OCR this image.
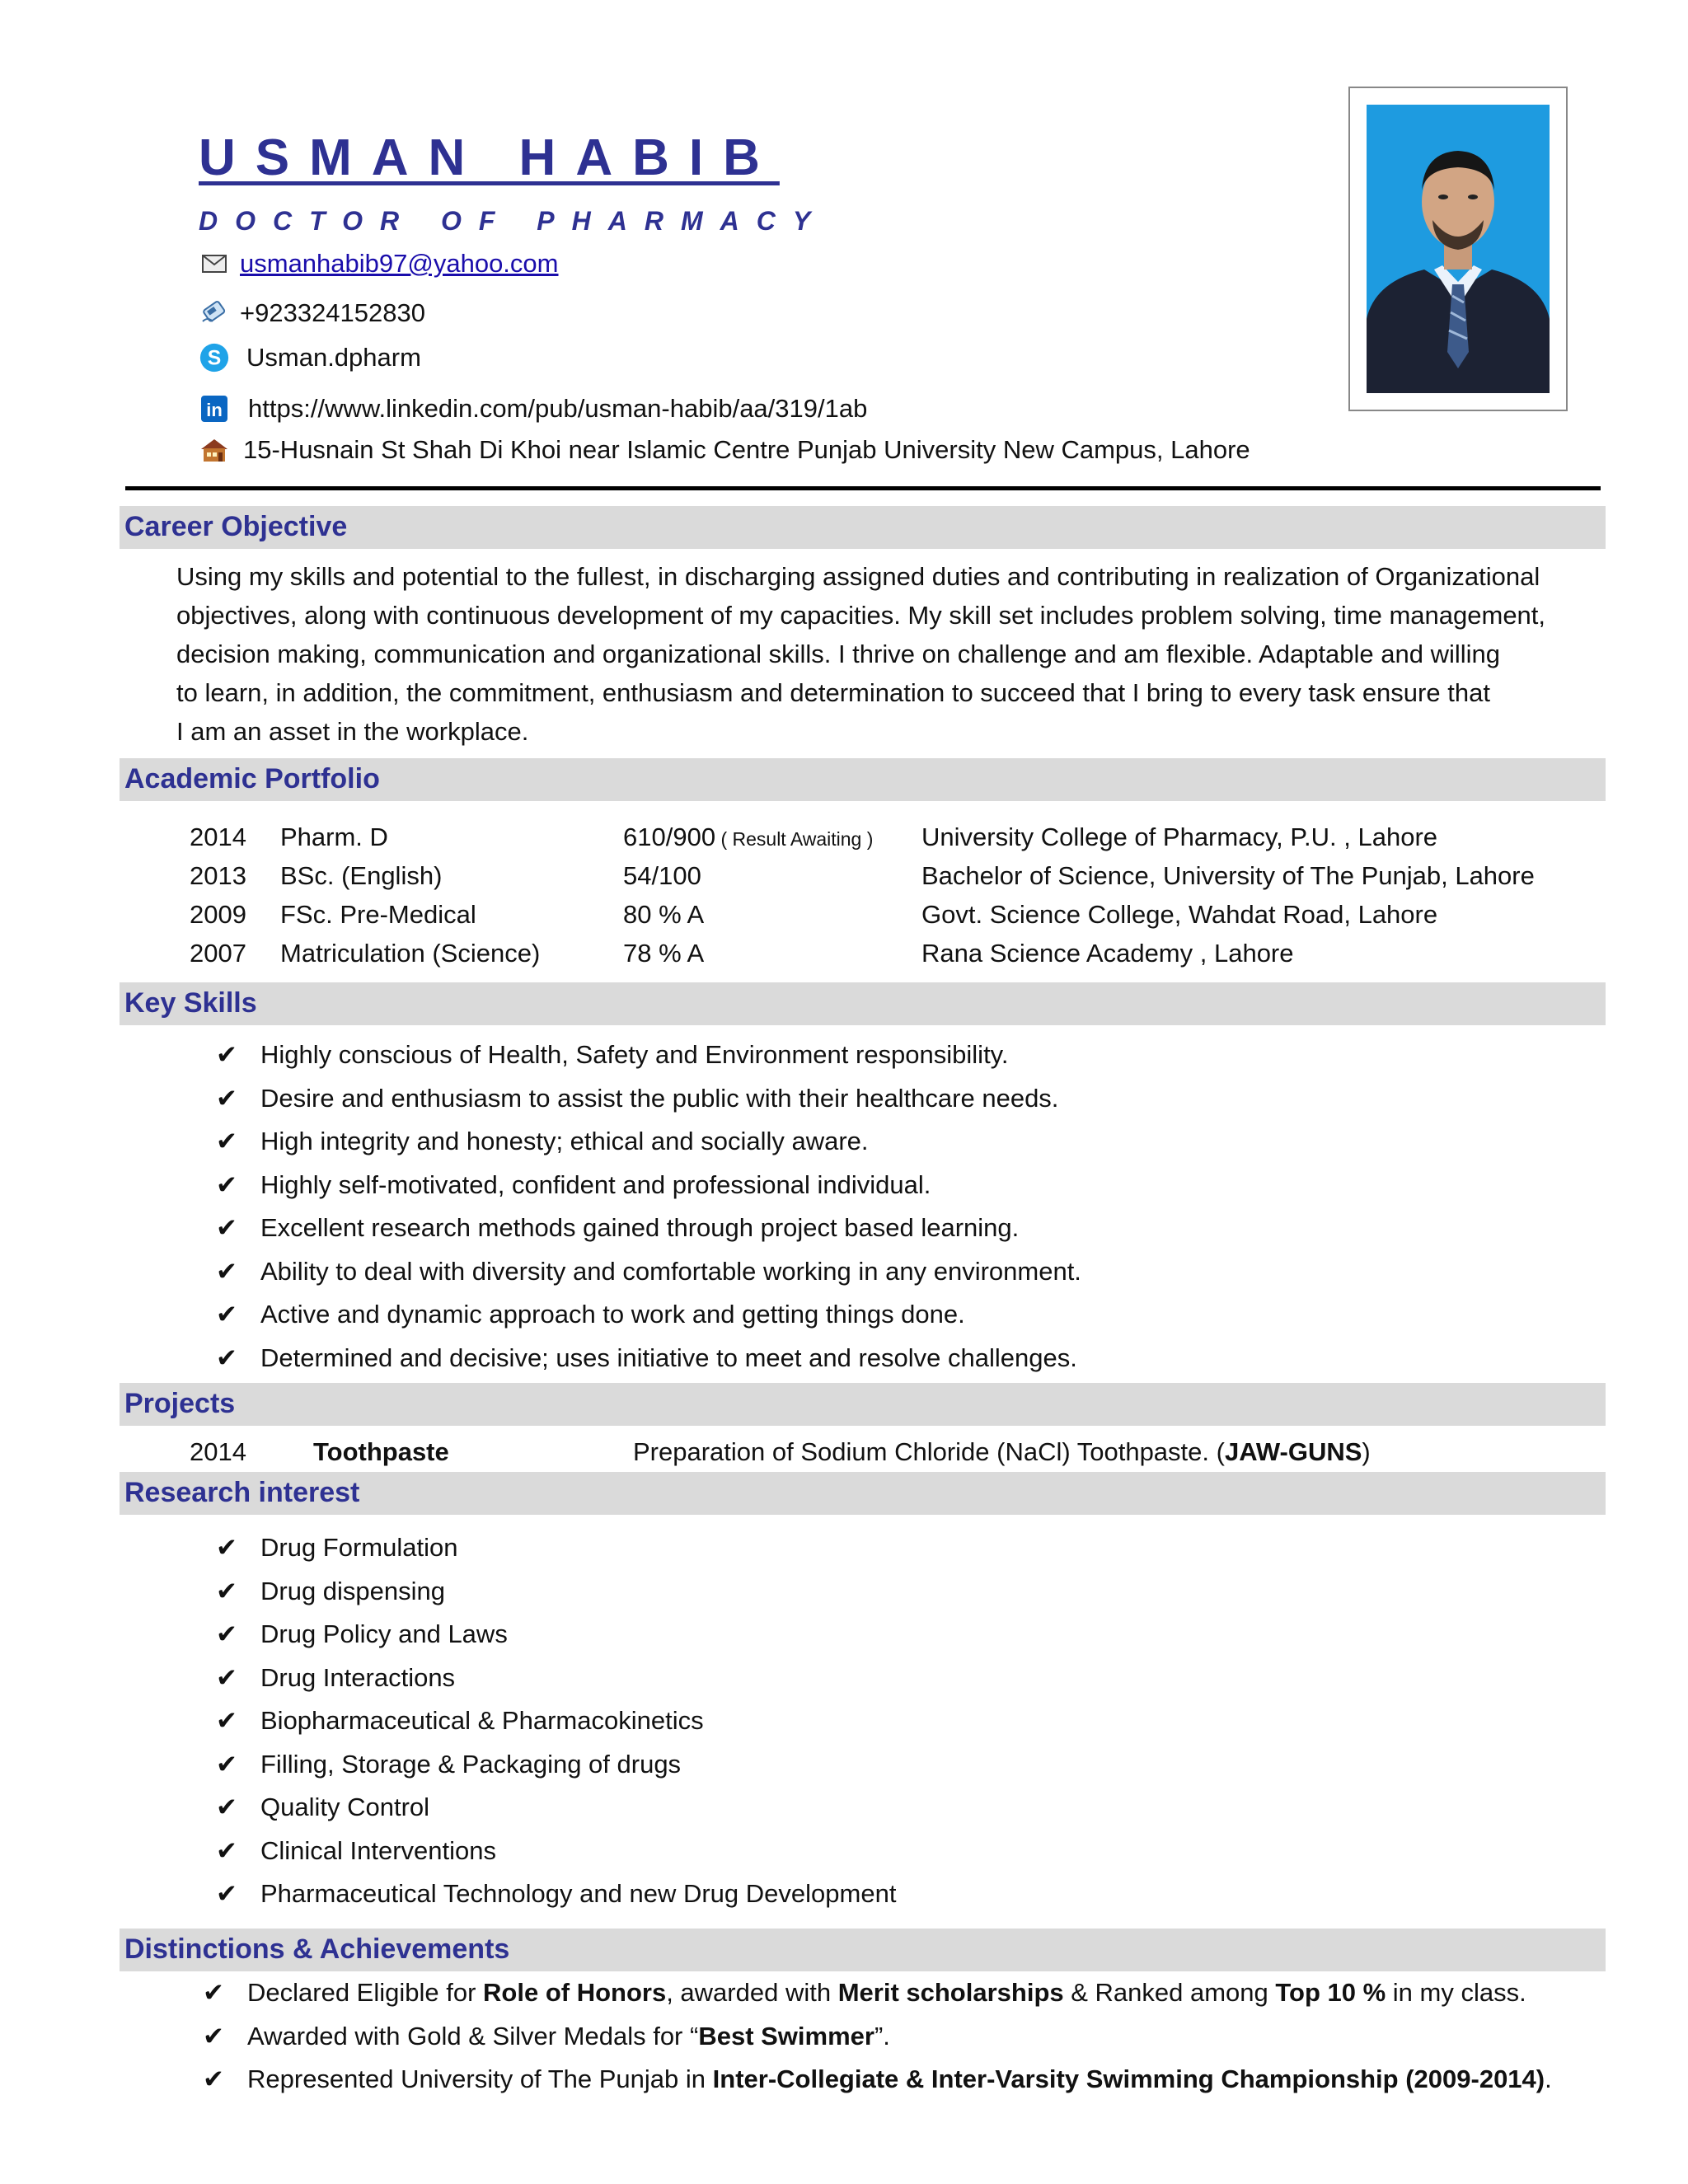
USMAN HABIB
DOCTOR OF PHARMACY
usmanhabib97@yahoo.com
+923324152830
S Usman.dpharm
in https://www.linkedin.com/pub/usman-habib/aa/319/1ab
15-Husnain St Shah Di Khoi near Islamic Centre Punjab University New Campus, Lahore
Career Objective
Using my skills and potential to the fullest, in discharging assigned duties and contributing in realization of Organizational
objectives, along with continuous development of my capacities. My skill set includes problem solving, time management,
decision making, communication and organizational skills. I thrive on challenge and am flexible. Adaptable and willing
to learn, in addition, the commitment, enthusiasm and determination to succeed that I bring to every task ensure that
I am an asset in the workplace.
Academic Portfolio
2014 Pharm. D	610/900 ( Result Awaiting ) University College of Pharmacy, P.U. , Lahore
2013 BSc. (English)	54/100	Bachelor of Science, University of The Punjab, Lahore
2009 FSc. Pre-Medical	80 % A	Govt. Science College, Wahdat Road, Lahore
2007 Matriculation (Science)	78 % A	Rana Science Academy , Lahore
Key Skills
✔ Highly conscious of Health, Safety and Environment responsibility.
✔ Desire and enthusiasm to assist the public with their healthcare needs.
✔ High integrity and honesty; ethical and socially aware.
✔ Highly self-motivated, confident and professional individual.
✔ Excellent research methods gained through project based learning.
✔ Ability to deal with diversity and comfortable working in any environment.
✔ Active and dynamic approach to work and getting things done.
✔ Determined and decisive; uses initiative to meet and resolve challenges.
Projects
2014	Toothpaste	Preparation of Sodium Chloride (NaCl) Toothpaste. (JAW-GUNS)
Research interest
✔ Drug Formulation
✔ Drug dispensing
✔ Drug Policy and Laws
✔ Drug Interactions
✔ Biopharmaceutical & Pharmacokinetics
✔ Filling, Storage & Packaging of drugs
✔ Quality Control
✔ Clinical Interventions
✔ Pharmaceutical Technology and new Drug Development
Distinctions & Achievements
✔ Declared Eligible for Role of Honors, awarded with Merit scholarships & Ranked among Top 10 % in my class.
✔ Awarded with Gold & Silver Medals for “Best Swimmer”.
✔ Represented University of The Punjab in Inter-Collegiate & Inter-Varsity Swimming Championship (2009-2014).
